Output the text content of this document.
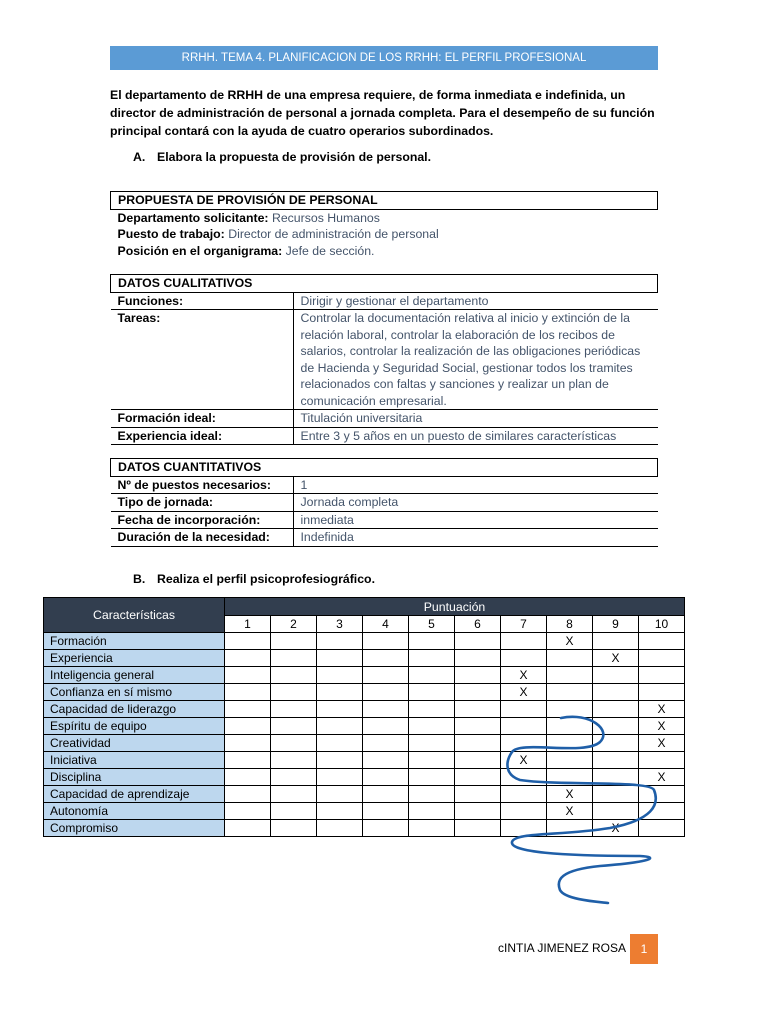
RRHH. TEMA 4. PLANIFICACION DE LOS RRHH: EL PERFIL PROFESIONAL
El departamento de RRHH de una empresa requiere, de forma inmediata e indefinida, un director de administración de personal a jornada completa. Para el desempeño de su función principal contará con la ayuda de cuatro operarios subordinados.
A. Elabora la propuesta de provisión de personal.
PROPUESTA DE PROVISIÓN DE PERSONAL
Departamento solicitante: Recursos Humanos
Puesto de trabajo: Director de administración de personal
Posición en el organigrama: Jefe de sección.
DATOS CUALITATIVOS	
Funciones:	Dirigir y gestionar el departamento
Tareas:	Controlar la documentación relativa al inicio y extinción de la relación laboral, controlar la elaboración de los recibos de salarios, controlar la realización de las obligaciones periódicas de Hacienda y Seguridad Social, gestionar todos los tramites relacionados con faltas y sanciones y realizar un plan de comunicación empresarial.
Formación ideal:	Titulación universitaria
Experiencia ideal:	Entre 3 y 5 años en un puesto de similares características
DATOS CUANTITATIVOS	
Nº de puestos necesarios:	1
Tipo de jornada:	Jornada completa
Fecha de incorporación:	inmediata
Duración de la necesidad:	Indefinida
B. Realiza el perfil psicoprofesiográfico.
Características	Puntuación									
	1	2	3	4	5	6	7	8	9	10
Formación								X		
Experiencia									X	
Inteligencia general							X			
Confianza en sí mismo							X			
Capacidad de liderazgo										X
Espíritu de equipo										X
Creatividad										X
Iniciativa							X			
Disciplina										X
Capacidad de aprendizaje								X		
Autonomía								X		
Compromiso									X	
cINTIA JIMENEZ ROSA	1
